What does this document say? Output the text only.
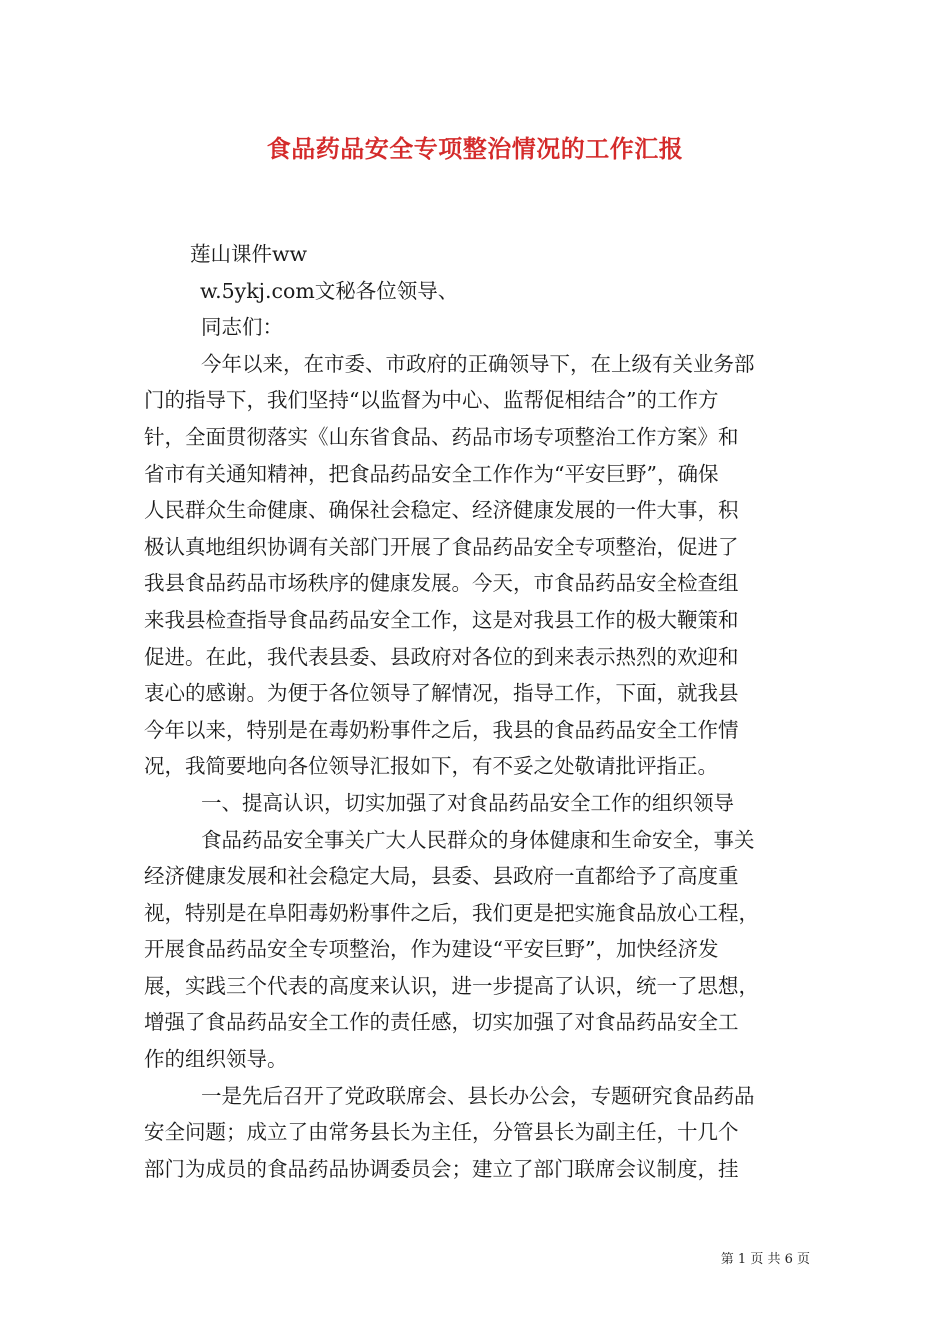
食品药品安全专项整治情况的工作汇报
莲山课件ww
w.5ykj.com文秘各位领导、
同志们：
今年以来，在市委、市政府的正确领导下，在上级有关业务部
门的指导下，我们坚持“以监督为中心、监帮促相结合”的工作方
针，全面贯彻落实《山东省食品、药品市场专项整治工作方案》和
省市有关通知精神，把食品药品安全工作作为“平安巨野”，确保
人民群众生命健康、确保社会稳定、经济健康发展的一件大事，积
极认真地组织协调有关部门开展了食品药品安全专项整治，促进了
我县食品药品市场秩序的健康发展。今天，市食品药品安全检查组
来我县检查指导食品药品安全工作，这是对我县工作的极大鞭策和
促进。在此，我代表县委、县政府对各位的到来表示热烈的欢迎和
衷心的感谢。为便于各位领导了解情况，指导工作，下面，就我县
今年以来，特别是在毒奶粉事件之后，我县的食品药品安全工作情
况，我简要地向各位领导汇报如下，有不妥之处敬请批评指正。
一、提高认识，切实加强了对食品药品安全工作的组织领导
食品药品安全事关广大人民群众的身体健康和生命安全，事关
经济健康发展和社会稳定大局，县委、县政府一直都给予了高度重
视，特别是在阜阳毒奶粉事件之后，我们更是把实施食品放心工程，
开展食品药品安全专项整治，作为建设“平安巨野”，加快经济发
展，实践三个代表的高度来认识，进一步提高了认识，统一了思想，
增强了食品药品安全工作的责任感，切实加强了对食品药品安全工
作的组织领导。
一是先后召开了党政联席会、县长办公会，专题研究食品药品
安全问题；成立了由常务县长为主任，分管县长为副主任，十几个
部门为成员的食品药品协调委员会；建立了部门联席会议制度，挂
第 1 页 共 6 页
